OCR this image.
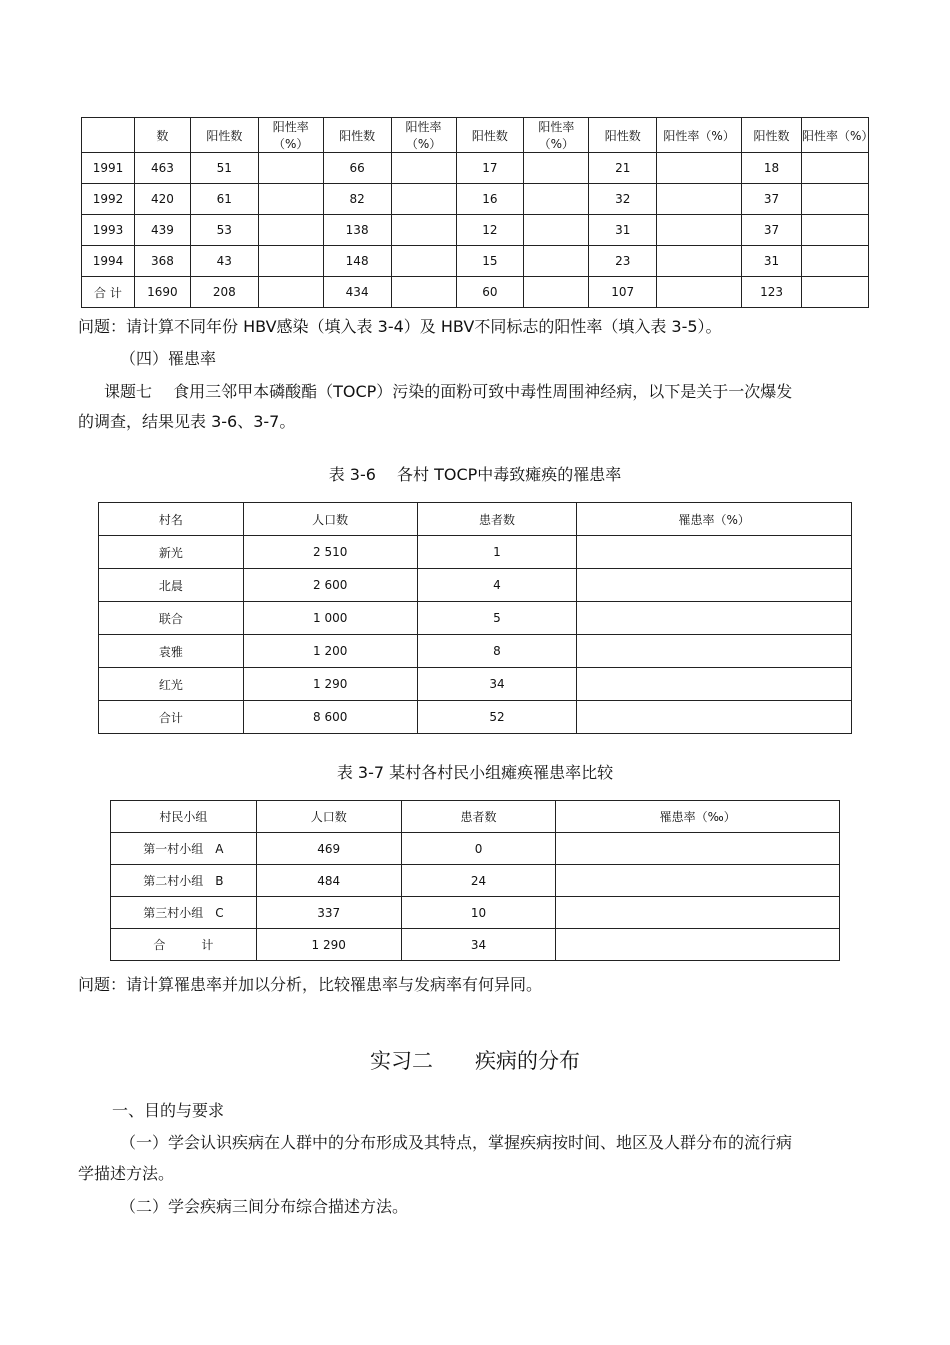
	数	阳性数	阳性率（%）	阳性数	阳性率（%）	阳性数	阳性率（%）	阳性数	阳性率（%）	阳性数	阳性率（%）
1991	463	51		66		17		21		18	
1992	420	61		82		16		32		37	
1993	439	53		138		12		31		37	
1994	368	43		148		15		23		31	
合 计	1690	208		434		60		107		123	
问题：请计算不同年份 HBV感染（填入表 3-4）及 HBV不同标志的阳性率（填入表 3-5）。
（四）罹患率
课题七　 食用三邻甲本磷酸酯（TOCP）污染的面粉可致中毒性周围神经病，以下是关于一次爆发
的调查，结果见表 3-6、3-7。
表 3-6　 各村 TOCP中毒致瘫痪的罹患率
村名	人口数	患者数	罹患率（%）
新光	2 510	1	
北晨	2 600	4	
联合	1 000	5	
袁雅	1 200	8	
红光	1 290	34	
合计	8 600	52	
表 3-7 某村各村民小组瘫痪罹患率比较
村民小组	人口数	患者数	罹患率（‰）
第一村小组　A	469	0	
第二村小组　B	484	24	
第三村小组　C	337	10	
合　　　计	1 290	34	
问题：请计算罹患率并加以分析，比较罹患率与发病率有何异同。
实习二　　疾病的分布
一、目的与要求
（一）学会认识疾病在人群中的分布形成及其特点，掌握疾病按时间、地区及人群分布的流行病
学描述方法。
（二）学会疾病三间分布综合描述方法。
